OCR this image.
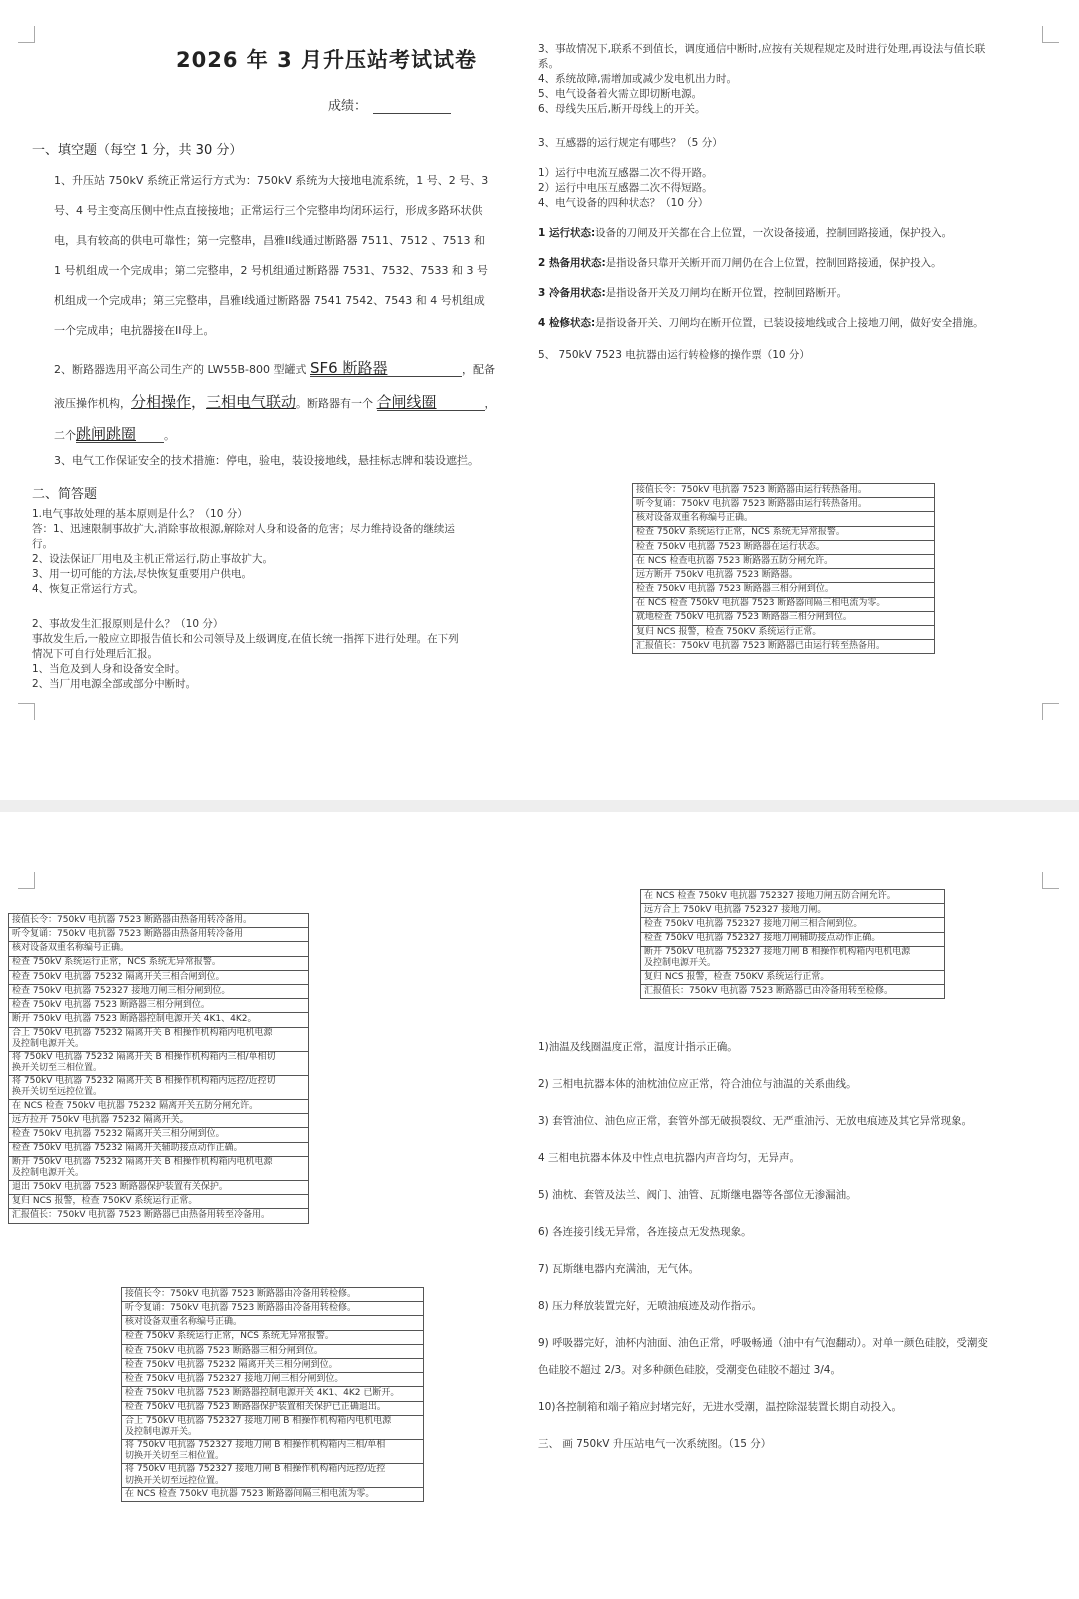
2026 年 3 月升压站考试试卷
成绩：
一、填空题（每空 1 分，共 30 分）
1、升压站 750kV 系统正常运行方式为：750kV 系统为大接地电流系统，1 号、2 号、3
号、4 号主变高压侧中性点直接接地；正常运行三个完整串均闭环运行，形成多路环状供
电，具有较高的供电可靠性；第一完整串，昌雅II线通过断路器 7511、7512 、7513 和
1 号机组成一个完成串；第二完整串，2 号机组通过断路器 7531、7532、7533 和 3 号
机组成一个完成串；第三完整串，昌雅I线通过断路器 7541 7542、7543 和 4 号机组成
一个完成串；电抗器接在II母上。
2、断路器选用平高公司生产的 LW55B-800 型罐式 SF6 断路器	，配备
液压操作机构，分相操作，三相电气联动。断路器有一个 合闸线圈	，
二个跳闸跳圈	。
3、电气工作保证安全的技术措施：停电，验电，装设接地线，悬挂标志牌和装设遮拦。
二、简答题
1.电气事故处理的基本原则是什么？（10 分）
答：1、迅速限制事故扩大,消除事故根源,解除对人身和设备的危害；尽力维持设备的继续运
行。
2、设法保证厂用电及主机正常运行,防止事故扩大。
3、用一切可能的方法,尽快恢复重要用户供电。
4、恢复正常运行方式。
2、事故发生汇报原则是什么？（10 分）
事故发生后,一般应立即报告值长和公司领导及上级调度,在值长统一指挥下进行处理。在下列
情况下可自行处理后汇报。
1、当危及到人身和设备安全时。
2、当厂用电源全部或部分中断时。
3、事故情况下,联系不到值长，调度通信中断时,应按有关规程规定及时进行处理,再设法与值长联
系。
4、系统故障,需增加或减少发电机出力时。
5、电气设备着火需立即切断电源。
6、母线失压后,断开母线上的开关。
3、互感器的运行规定有哪些？（5 分）
1）运行中电流互感器二次不得开路。
2）运行中电压互感器二次不得短路。
4、电气设备的四种状态？（10 分）
1 运行状态:设备的刀闸及开关都在合上位置，一次设备接通，控制回路接通，保护投入。
2 热备用状态:是指设备只靠开关断开而刀闸仍在合上位置，控制回路接通，保护投入。
3 冷备用状态:是指设备开关及刀闸均在断开位置，控制回路断开。
4 检修状态:是指设备开关、刀闸均在断开位置，已装设接地线或合上接地刀闸，做好安全措施。
5、 750kV 7523 电抗器由运行转检修的操作票（10 分）
接值长令：750kV 电抗器 7523 断路器由运行转热备用。
听令复诵：750kV 电抗器 7523 断路器由运行转热备用。
核对设备双重名称编号正确。
检查 750kV 系统运行正常，NCS 系统无异常报警。
检查 750kV 电抗器 7523 断路器在运行状态。
在 NCS 检查电抗器 7523 断路器五防分闸允许。
远方断开 750kV 电抗器 7523 断路器。
检查 750kV 电抗器 7523 断路器三相分闸到位。
在 NCS 检查 750kV 电抗器 7523 断路器间隔三相电流为零。
就地检查 750kV 电抗器 7523 断路器三相分闸到位。
复归 NCS 报警，检查 750KV 系统运行正常。
汇报值长：750kV 电抗器 7523 断路器已由运行转至热备用。
接值长令：750kV 电抗器 7523 断路器由热备用转冷备用。
听令复诵：750kV 电抗器 7523 断路器由热备用转冷备用
核对设备双重名称编号正确。
检查 750kV 系统运行正常，NCS 系统无异常报警。
检查 750kV 电抗器 75232 隔离开关三相合闸到位。
检查 750kV 电抗器 752327 接地刀闸三相分闸到位。
检查 750kV 电抗器 7523 断路器三相分闸到位。
断开 750kV 电抗器 7523 断路器控制电源开关 4K1、4K2。
合上 750kV 电抗器 75232 隔离开关 B 相操作机构箱内电机电源
及控制电源开关。
将 750kV 电抗器 75232 隔离开关 B 相操作机构箱内三相/单相切
换开关切至三相位置。
将 750kV 电抗器 75232 隔离开关 B 相操作机构箱内远控/近控切
换开关切至远控位置。
在 NCS 检查 750kV 电抗器 75232 隔离开关五防分闸允许。
远方拉开 750kV 电抗器 75232 隔离开关。
检查 750kV 电抗器 75232 隔离开关三相分闸到位。
检查 750kV 电抗器 75232 隔离开关辅助接点动作正确。
断开 750kV 电抗器 75232 隔离开关 B 相操作机构箱内电机电源
及控制电源开关。
退出 750kV 电抗器 7523 断路器保护装置有关保护。
复归 NCS 报警，检查 750KV 系统运行正常。
汇报值长：750kV 电抗器 7523 断路器已由热备用转至冷备用。
接值长令：750kV 电抗器 7523 断路器由冷备用转检修。
听令复诵：750kV 电抗器 7523 断路器由冷备用转检修。
核对设备双重名称编号正确。
检查 750kV 系统运行正常，NCS 系统无异常报警。
检查 750kV 电抗器 7523 断路器三相分闸到位。
检查 750kV 电抗器 75232 隔离开关三相分闸到位。
检查 750kV 电抗器 752327 接地刀闸三相分闸到位。
检查 750kV 电抗器 7523 断路器控制电源开关 4K1、4K2 已断开。
检查 750kV 电抗器 7523 断路器保护装置相关保护已正确退出。
合上 750kV 电抗器 752327 接地刀闸 B 相操作机构箱内电机电源
及控制电源开关。
将 750kV 电抗器 752327 接地刀闸 B 相操作机构箱内三相/单相
切换开关切至三相位置。
将 750kV 电抗器 752327 接地刀闸 B 相操作机构箱内远控/近控
切换开关切至远控位置。
在 NCS 检查 750kV 电抗器 7523 断路器间隔三相电流为零。
在 NCS 检查 750kV 电抗器 752327 接地刀闸五防合闸允许。
远方合上 750kV 电抗器 752327 接地刀闸。
检查 750kV 电抗器 752327 接地刀闸三相合闸到位。
检查 750kV 电抗器 752327 接地刀闸辅助接点动作正确。
断开 750kV 电抗器 752327 接地刀闸 B 相操作机构箱内电机电源
及控制电源开关。
复归 NCS 报警，检查 750KV 系统运行正常。
汇报值长：750kV 电抗器 7523 断路器已由冷备用转至检修。
1)油温及线圈温度正常，温度计指示正确。
2) 三相电抗器本体的油枕油位应正常，符合油位与油温的关系曲线。
3) 套管油位、油色应正常，套管外部无破损裂纹、无严重油污、无放电痕迹及其它异常现象。
4 三相电抗器本体及中性点电抗器内声音均匀，无异声。
5) 油枕、套管及法兰、阀门、油管、瓦斯继电器等各部位无渗漏油。
6) 各连接引线无异常，各连接点无发热现象。
7) 瓦斯继电器内充满油，无气体。
8) 压力释放装置完好，无喷油痕迹及动作指示。
9) 呼吸器完好，油杯内油面、油色正常，呼吸畅通（油中有气泡翻动）。对单一颜色硅胶，受潮变
色硅胶不超过 2/3。对多种颜色硅胶，受潮变色硅胶不超过 3/4。
10)各控制箱和端子箱应封堵完好，无进水受潮，温控除湿装置长期自动投入。
三、 画 750kV 升压站电气一次系统图。（15 分）
